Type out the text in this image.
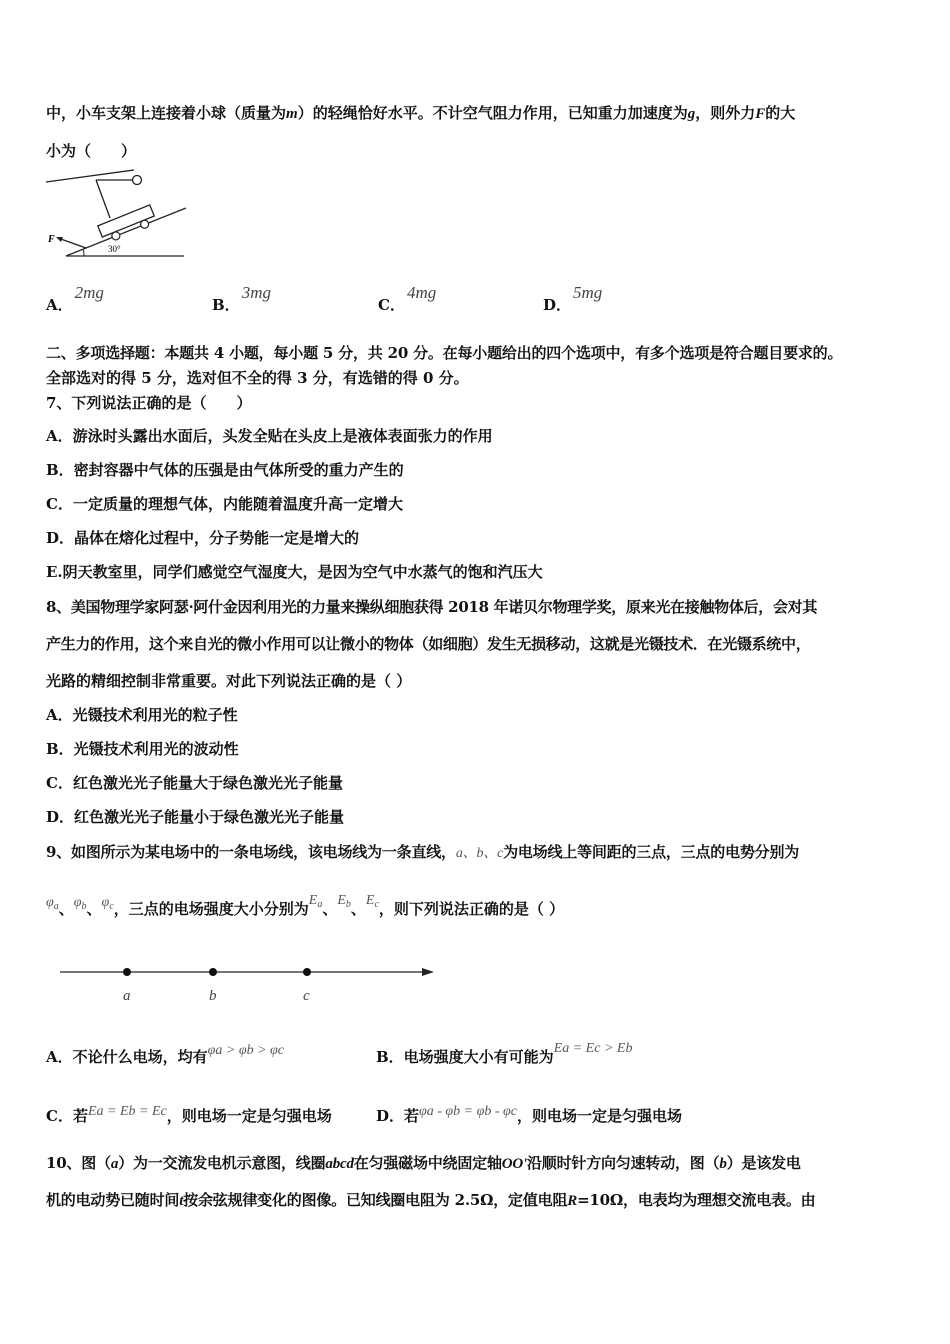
中，小车支架上连接着小球（质量为m）的轻绳恰好水平。不计空气阻力作用，已知重力加速度为g，则外力F的大
小为（　　）
F
30°
A．2mg
B．3mg
C．4mg
D．5mg
二、多项选择题：本题共 4 小题，每小题 5 分，共 20 分。在每小题给出的四个选项中，有多个选项是符合题目要求的。
全部选对的得 5 分，选对但不全的得 3 分，有选错的得 0 分。
7、下列说法正确的是（　　）
A．游泳时头露出水面后，头发全贴在头皮上是液体表面张力的作用
B．密封容器中气体的压强是由气体所受的重力产生的
C．一定质量的理想气体，内能随着温度升高一定增大
D．晶体在熔化过程中，分子势能一定是增大的
E.阴天教室里，同学们感觉空气湿度大，是因为空气中水蒸气的饱和汽压大
8、美国物理学家阿瑟·阿什金因利用光的力量来操纵细胞获得 2018 年诺贝尔物理学奖，原来光在接触物体后，会对其
产生力的作用，这个来自光的微小作用可以让微小的物体（如细胞）发生无损移动，这就是光镊技术．在光镊系统中，
光路的精细控制非常重要。对此下列说法正确的是（ ）
A．光镊技术利用光的粒子性
B．光镊技术利用光的波动性
C．红色激光光子能量大于绿色激光光子能量
D．红色激光光子能量小于绿色激光光子能量
9、如图所示为某电场中的一条电场线，该电场线为一条直线，a、b、c为电场线上等间距的三点，三点的电势分别为
$\varphi_a$、$\varphi_b$、$\varphi_c$，三点的电场强度大小分别为$E_a$、$E_b$、$E_c$，则下列说法正确的是（ ）
a	b	c
A．不论什么电场，均有φa > φb > φc	B．电场强度大小有可能为Ea = Ec > Eb
C．若Ea = Eb = Ec，则电场一定是匀强电场	D．若φa - φb = φb - φc，则电场一定是匀强电场
10、图（a）为一交流发电机示意图，线圈abcd在匀强磁场中绕固定轴OO'沿顺时针方向匀速转动，图（b）是该发电
机的电动势已随时间t按余弦规律变化的图像。已知线圈电阻为 2.5Ω，定值电阻R=10Ω，电表均为理想交流电表。由
